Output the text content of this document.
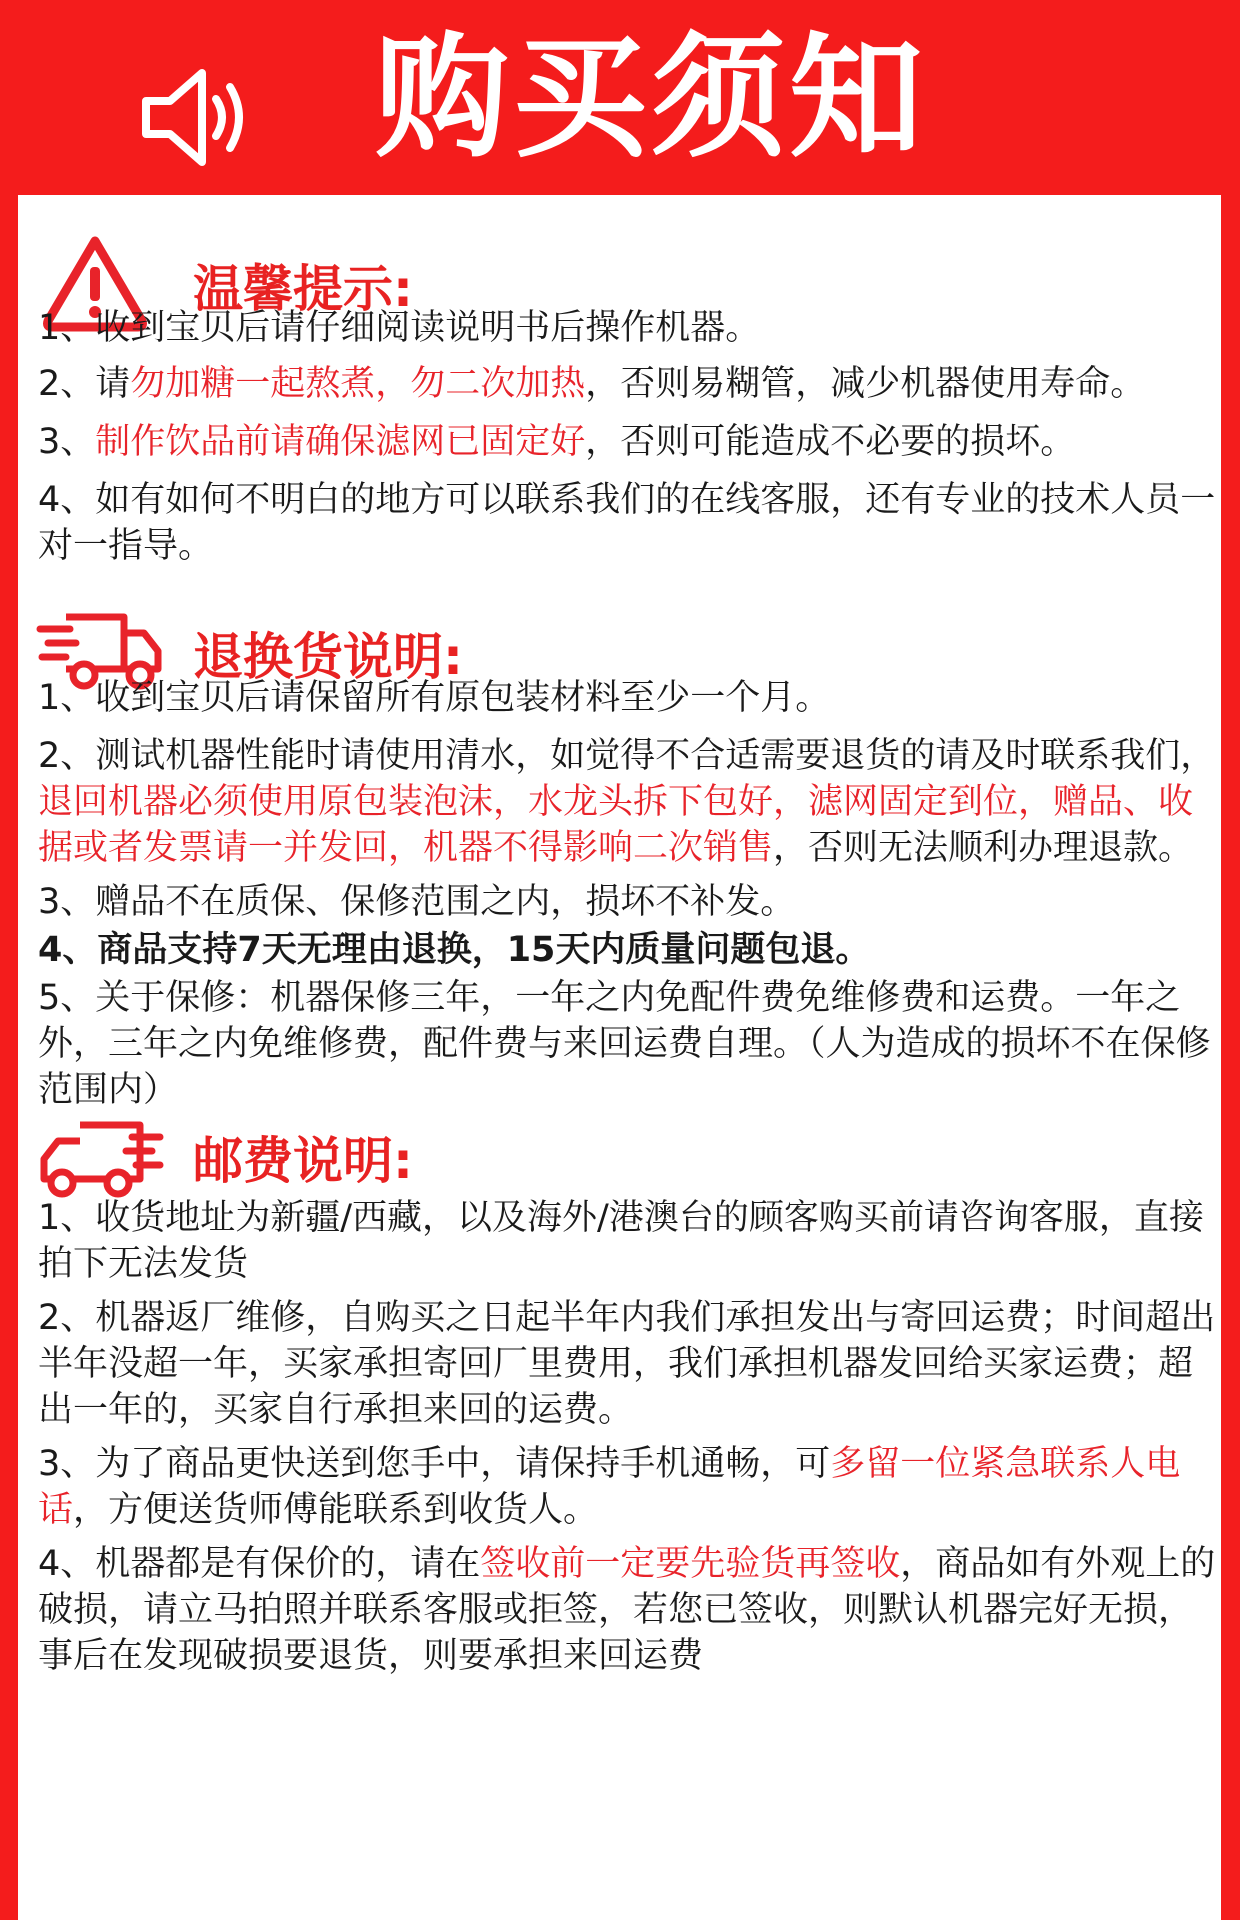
购买须知
温馨提示:

1、收到宝贝后请仔细阅读说明书后操作机器。

2、请勿加糖一起熬煮，勿二次加热，否则易糊管，减少机器使用寿命。

3、制作饮品前请确保滤网已固定好，否则可能造成不必要的损坏。

4、如有如何不明白的地方可以联系我们的在线客服，还有专业的技术人员一对一指导。

退换货说明:

1、收到宝贝后请保留所有原包装材料至少一个月。

2、测试机器性能时请使用清水，如觉得不合适需要退货的请及时联系我们，退回机器必须使用原包装泡沫，水龙头拆下包好，滤网固定到位，赠品、收据或者发票请一并发回，机器不得影响二次销售，否则无法顺利办理退款。

3、赠品不在质保、保修范围之内，损坏不补发。

4、商品支持7天无理由退换，15天内质量问题包退。

5、关于保修：机器保修三年，一年之内免配件费免维修费和运费。一年之外，三年之内免维修费，配件费与来回运费自理。（人为造成的损坏不在保修范围内）

邮费说明:

1、收货地址为新疆/西藏，以及海外/港澳台的顾客购买前请咨询客服，直接拍下无法发货

2、机器返厂维修，自购买之日起半年内我们承担发出与寄回运费；时间超出半年没超一年，买家承担寄回厂里费用，我们承担机器发回给买家运费；超出一年的，买家自行承担来回的运费。

3、为了商品更快送到您手中，请保持手机通畅，可多留一位紧急联系人电话，方便送货师傅能联系到收货人。

4、机器都是有保价的，请在签收前一定要先验货再签收，商品如有外观上的破损，请立马拍照并联系客服或拒签，若您已签收，则默认机器完好无损，事后在发现破损要退货，则要承担来回运费
